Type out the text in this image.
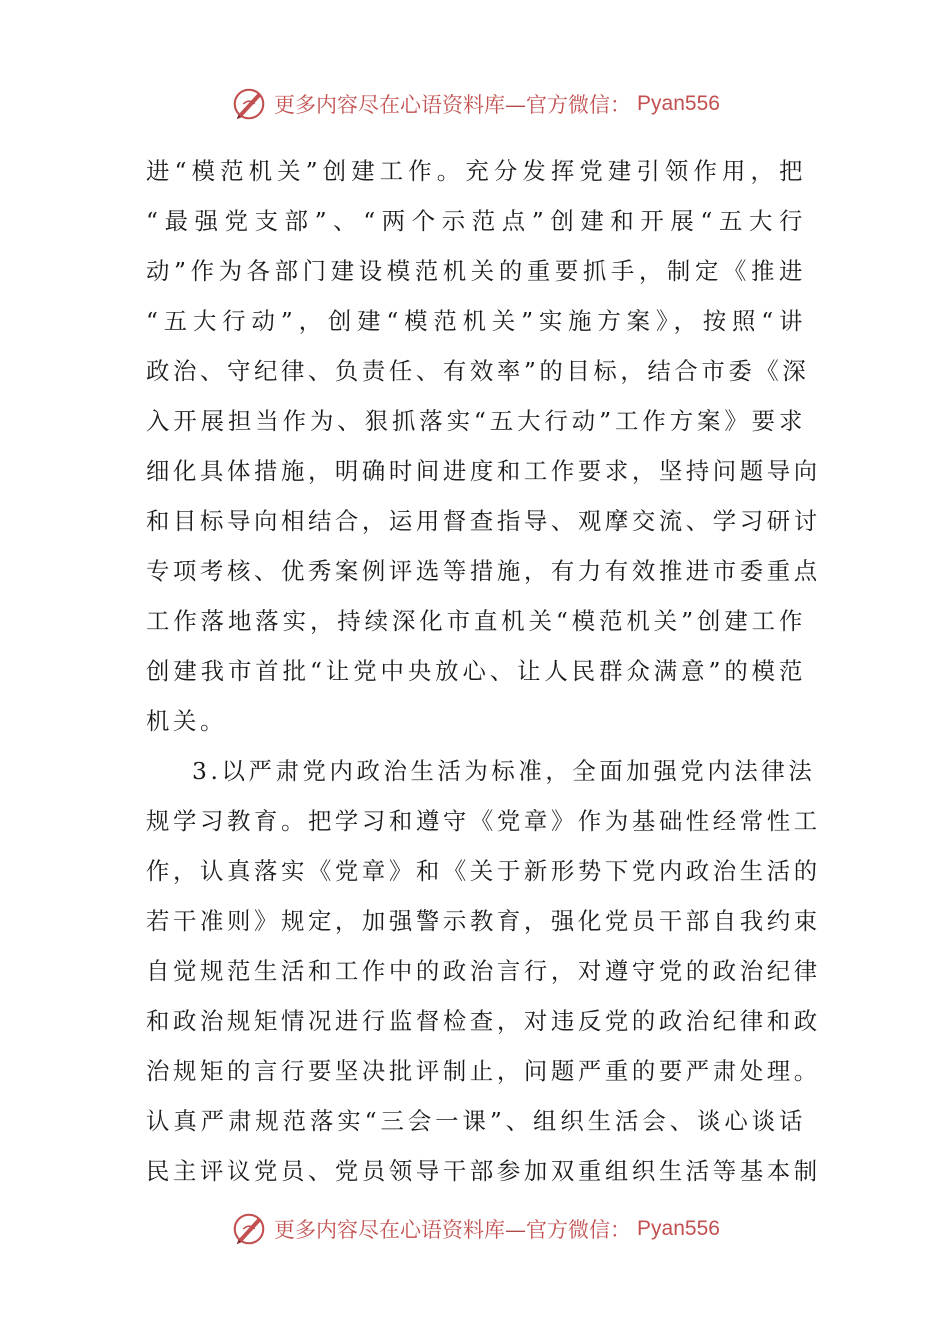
更多内容尽在心语资料库—官方微信： Pyan556
进“模范机关”创建工作。充分发挥党建引领作用，把
“最强党支部”、“两个示范点”创建和开展“五大行
动”作为各部门建设模范机关的重要抓手，制定《推进
“五大行动”，创建“模范机关”实施方案》，按照“讲
政治、守纪律、负责任、有效率”的目标，结合市委《深
入开展担当作为、狠抓落实“五大行动”工作方案》要求
细化具体措施，明确时间进度和工作要求，坚持问题导向
和目标导向相结合，运用督查指导、观摩交流、学习研讨
专项考核、优秀案例评选等措施，有力有效推进市委重点
工作落地落实，持续深化市直机关“模范机关”创建工作
创建我市首批“让党中央放心、让人民群众满意”的模范
机关。
3.以严肃党内政治生活为标准，全面加强党内法律法
规学习教育。把学习和遵守《党章》作为基础性经常性工
作，认真落实《党章》和《关于新形势下党内政治生活的
若干准则》规定，加强警示教育，强化党员干部自我约束
自觉规范生活和工作中的政治言行，对遵守党的政治纪律
和政治规矩情况进行监督检查，对违反党的政治纪律和政
治规矩的言行要坚决批评制止，问题严重的要严肃处理。
认真严肃规范落实“三会一课”、组织生活会、谈心谈话
民主评议党员、党员领导干部参加双重组织生活等基本制
更多内容尽在心语资料库—官方微信： Pyan556
